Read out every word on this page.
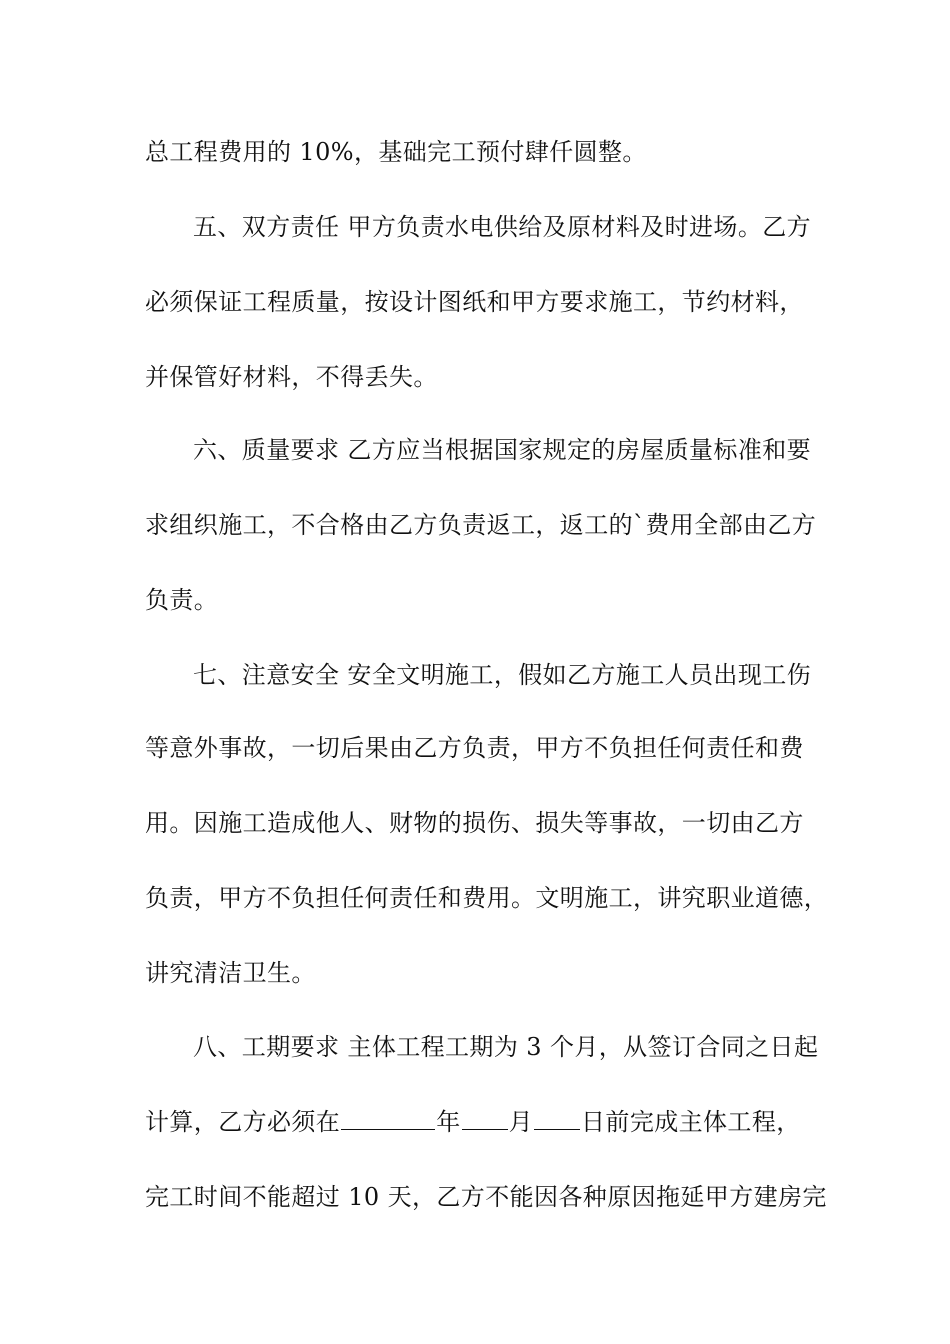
总工程费用的 10%，基础完工预付肆仟圆整。
五、双方责任 甲方负责水电供给及原材料及时进场。乙方
必须保证工程质量，按设计图纸和甲方要求施工，节约材料，
并保管好材料，不得丢失。
六、质量要求 乙方应当根据国家规定的房屋质量标准和要
求组织施工，不合格由乙方负责返工，返工的`费用全部由乙方
负责。
七、注意安全 安全文明施工，假如乙方施工人员出现工伤
等意外事故，一切后果由乙方负责，甲方不负担任何责任和费
用。因施工造成他人、财物的损伤、损失等事故，一切由乙方
负责，甲方不负担任何责任和费用。文明施工，讲究职业道德，
讲究清洁卫生。
八、工期要求 主体工程工期为 3 个月，从签订合同之日起
计算，乙方必须在	年 月 日前完成主体工程，
完工时间不能超过 10 天，乙方不能因各种原因拖延甲方建房完
